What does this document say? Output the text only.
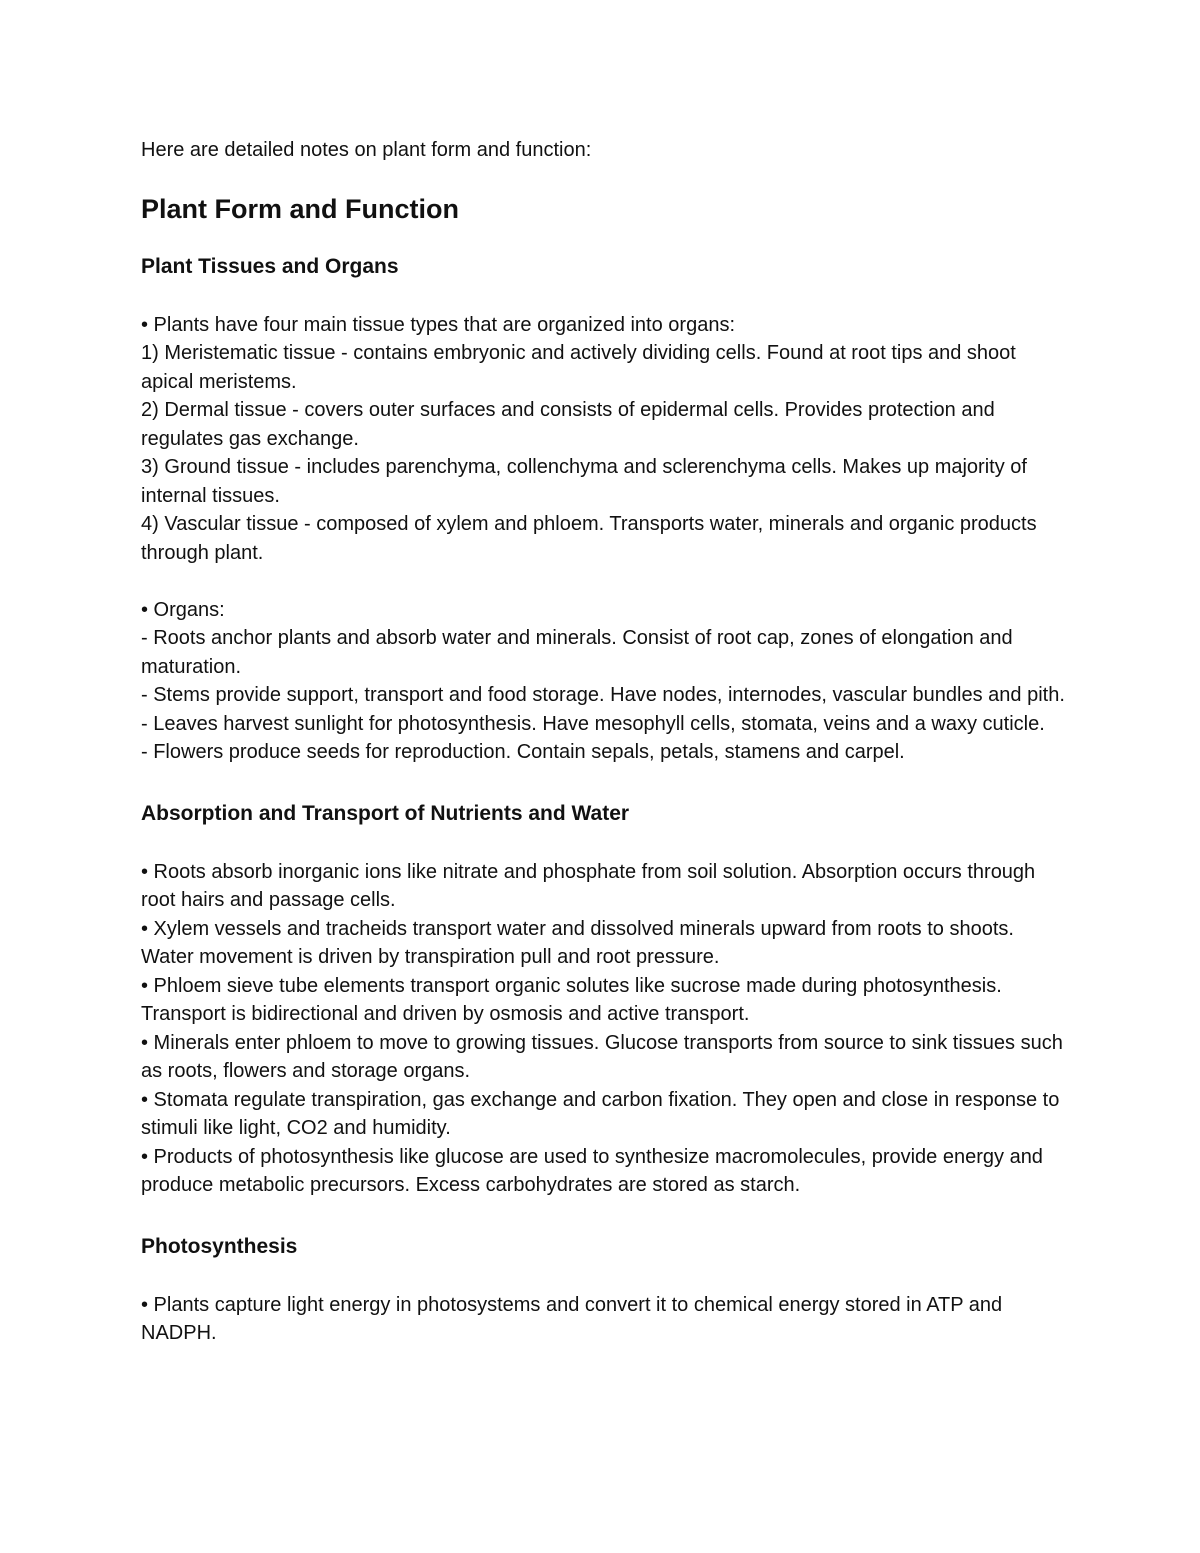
Here are detailed notes on plant form and function:

Plant Form and Function
Plant Tissues and Organs
• Plants have four main tissue types that are organized into organs:
1) Meristematic tissue - contains embryonic and actively dividing cells. Found at root tips and shoot apical meristems.
2) Dermal tissue - covers outer surfaces and consists of epidermal cells. Provides protection and regulates gas exchange.
3) Ground tissue - includes parenchyma, collenchyma and sclerenchyma cells. Makes up majority of internal tissues.
4) Vascular tissue - composed of xylem and phloem. Transports water, minerals and organic products through plant.
• Organs:
- Roots anchor plants and absorb water and minerals. Consist of root cap, zones of elongation and maturation.
- Stems provide support, transport and food storage. Have nodes, internodes, vascular bundles and pith.
- Leaves harvest sunlight for photosynthesis. Have mesophyll cells, stomata, veins and a waxy cuticle.
- Flowers produce seeds for reproduction. Contain sepals, petals, stamens and carpel.
Absorption and Transport of Nutrients and Water
• Roots absorb inorganic ions like nitrate and phosphate from soil solution. Absorption occurs through root hairs and passage cells.
• Xylem vessels and tracheids transport water and dissolved minerals upward from roots to shoots. Water movement is driven by transpiration pull and root pressure.
• Phloem sieve tube elements transport organic solutes like sucrose made during photosynthesis. Transport is bidirectional and driven by osmosis and active transport.
• Minerals enter phloem to move to growing tissues. Glucose transports from source to sink tissues such as roots, flowers and storage organs.
• Stomata regulate transpiration, gas exchange and carbon fixation. They open and close in response to stimuli like light, CO2 and humidity.
• Products of photosynthesis like glucose are used to synthesize macromolecules, provide energy and produce metabolic precursors. Excess carbohydrates are stored as starch.
Photosynthesis
• Plants capture light energy in photosystems and convert it to chemical energy stored in ATP and NADPH.
